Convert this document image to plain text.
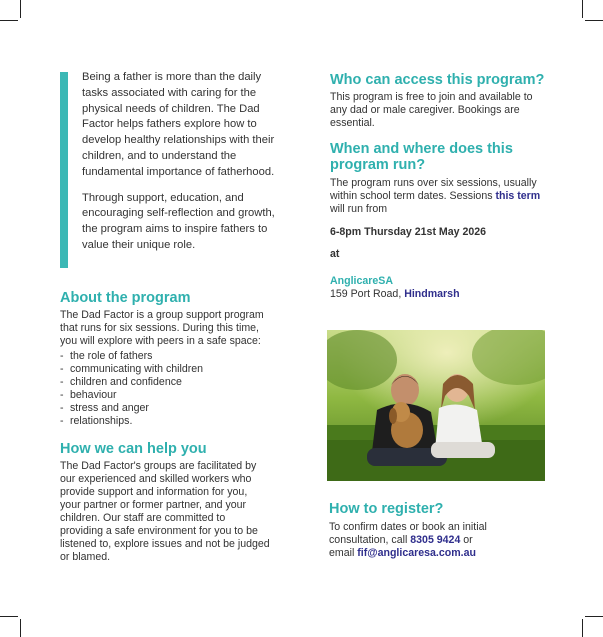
Being a father is more than the daily tasks associated with caring for the physical needs of children. The Dad Factor helps fathers explore how to develop healthy relationships with their children, and to understand the fundamental importance of fatherhood.

Through support, education, and encouraging self-reflection and growth, the program aims to inspire fathers to value their unique role.

About the program

The Dad Factor is a group support program that runs for six sessions. During this time, you will explore with peers in a safe space:

- the role of fathers
- communicating with children
- children and confidence
- behaviour
- stress and anger
- relationships.
How we can help you

The Dad Factor's groups are facilitated by our experienced and skilled workers who provide support and information for you, your partner or former partner, and your children. Our staff are committed to providing a safe environment for you to be listened to, explore issues and not be judged or blamed.

Who can access this program?

This program is free to join and available to any dad or male caregiver. Bookings are essential.

When and where does this program run?

The program runs over six sessions, usually within school term dates. Sessions this term will run from

6-8pm Thursday 21st May 2026

at

AnglicareSA
159 Port Road, Hindmarsh

How to register?

To confirm dates or book an initial consultation, call 8305 9424 or
email fif@anglicaresa.com.au
